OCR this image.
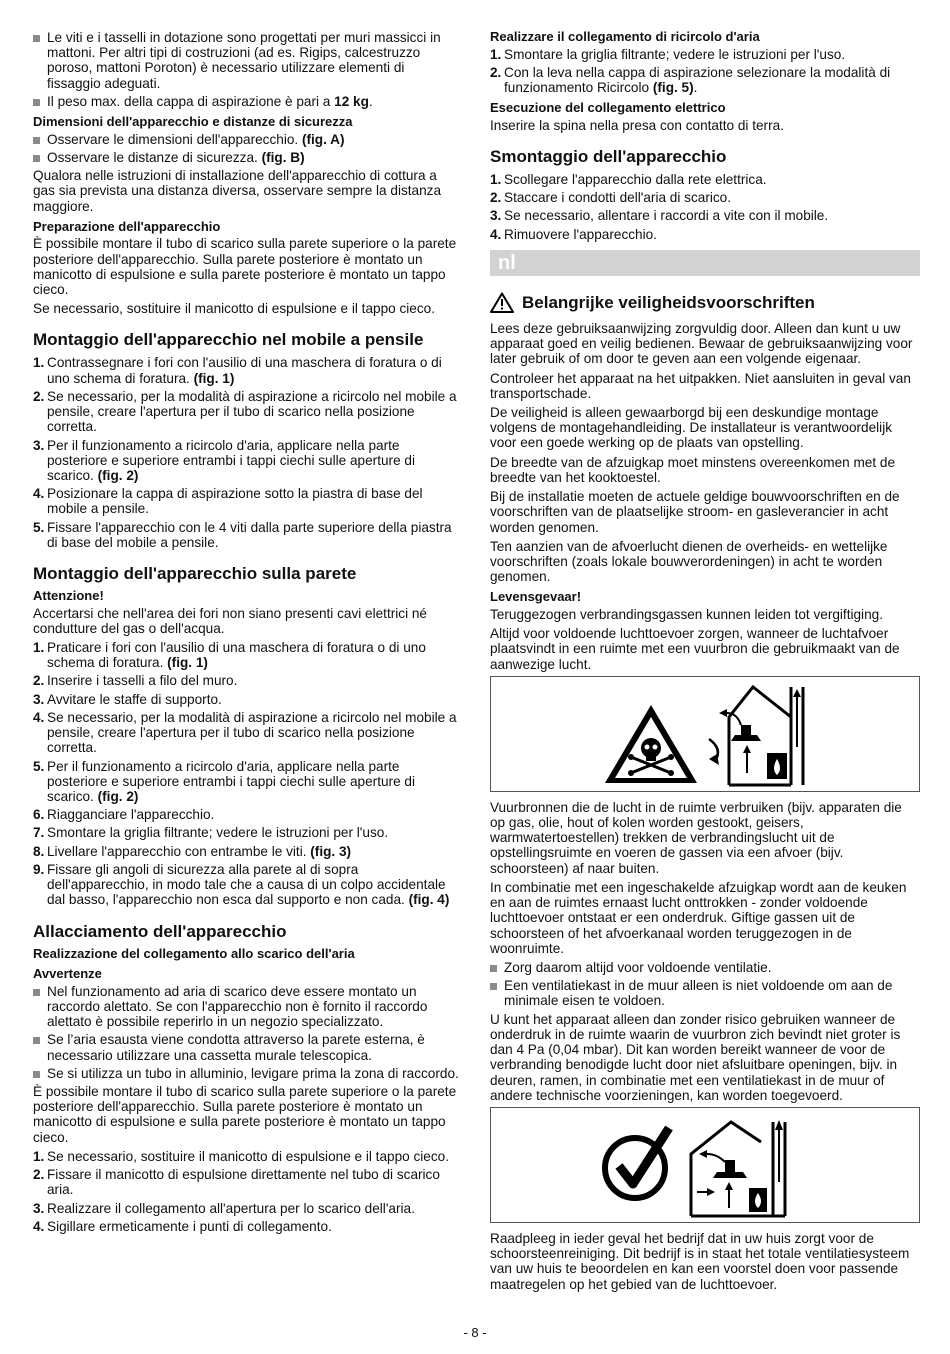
Le viti e i tasselli in dotazione sono progettati per muri massicci in mattoni. Per altri tipi di costruzioni (ad es. Rigips, calcestruzzo poroso, mattoni Poroton) è necessario utilizzare elementi di fissaggio adeguati.
Il peso max. della cappa di aspirazione è pari a 12 kg.
Dimensioni dell'apparecchio e distanze di sicurezza
Osservare le dimensioni dell'apparecchio. (fig. A)
Osservare le distanze di sicurezza. (fig. B)

Qualora nelle istruzioni di installazione dell'apparecchio di cottura a gas sia prevista una distanza diversa, osservare sempre la distanza maggiore.

Preparazione dell'apparecchio

È possibile montare il tubo di scarico sulla parete superiore o la parete posteriore dell'apparecchio. Sulla parete posteriore è montato un manicotto di espulsione e sulla parete posteriore è montato un tappo cieco.

Se necessario, sostituire il manicotto di espulsione e il tappo cieco.

Montaggio dell'apparecchio nel mobile a pensile
1. Contrassegnare i fori con l'ausilio di una maschera di foratura o di uno schema di foratura. (fig. 1)
2. Se necessario, per la modalità di aspirazione a ricircolo nel mobile a pensile, creare l'apertura per il tubo di scarico nella posizione corretta.
3. Per il funzionamento a ricircolo d'aria, applicare nella parte posteriore e superiore entrambi i tappi ciechi sulle aperture di scarico. (fig. 2)
4. Posizionare la cappa di aspirazione sotto la piastra di base del mobile a pensile.
5. Fissare l'apparecchio con le 4 viti dalla parte superiore della piastra di base del mobile a pensile.
Montaggio dell'apparecchio sulla parete
Attenzione!

Accertarsi che nell'area dei fori non siano presenti cavi elettrici né condutture del gas o dell'acqua.

1. Praticare i fori con l'ausilio di una maschera di foratura o di uno schema di foratura. (fig. 1)
2. Inserire i tasselli a filo del muro.
3. Avvitare le staffe di supporto.
4. Se necessario, per la modalità di aspirazione a ricircolo nel mobile a pensile, creare l'apertura per il tubo di scarico nella posizione corretta.
5. Per il funzionamento a ricircolo d'aria, applicare nella parte posteriore e superiore entrambi i tappi ciechi sulle aperture di scarico. (fig. 2)
6. Riagganciare l'apparecchio.
7. Smontare la griglia filtrante; vedere le istruzioni per l'uso.
8. Livellare l'apparecchio con entrambe le viti. (fig. 3)
9. Fissare gli angoli di sicurezza alla parete al di sopra dell'apparecchio, in modo tale che a causa di un colpo accidentale dal basso, l'apparecchio non esca dal supporto e non cada. (fig. 4)
Allacciamento dell'apparecchio
Realizzazione del collegamento allo scarico dell'aria
Avvertenze
Nel funzionamento ad aria di scarico deve essere montato un raccordo alettato. Se con l'apparecchio non è fornito il raccordo alettato è possibile reperirlo in un negozio specializzato.
Se l’aria esausta viene condotta attraverso la parete esterna, è necessario utilizzare una cassetta murale telescopica.
Se si utilizza un tubo in alluminio, levigare prima la zona di raccordo.

È possibile montare il tubo di scarico sulla parete superiore o la parete posteriore dell'apparecchio. Sulla parete posteriore è montato un manicotto di espulsione e sulla parete posteriore è montato un tappo cieco.

1. Se necessario, sostituire il manicotto di espulsione e il tappo cieco.
2. Fissare il manicotto di espulsione direttamente nel tubo di scarico aria.
3. Realizzare il collegamento all'apertura per lo scarico dell'aria.
4. Sigillare ermeticamente i punti di collegamento.
Realizzare il collegamento di ricircolo d'aria
1. Smontare la griglia filtrante; vedere le istruzioni per l'uso.
2. Con la leva nella cappa di aspirazione selezionare la modalità di funzionamento Ricircolo (fig. 5).
Esecuzione del collegamento elettrico

Inserire la spina nella presa con contatto di terra.

Smontaggio dell'apparecchio
1. Scollegare l'apparecchio dalla rete elettrica.
2. Staccare i condotti dell'aria di scarico.
3. Se necessario, allentare i raccordi a vite con il mobile.
4. Rimuovere l'apparecchio.
nl
Belangrijke veiligheidsvoorschriften

Lees deze gebruiksaanwijzing zorgvuldig door. Alleen dan kunt u uw apparaat goed en veilig bedienen. Bewaar de gebruiksaanwijzing voor later gebruik of om door te geven aan een volgende eigenaar.

Controleer het apparaat na het uitpakken. Niet aansluiten in geval van transportschade.

De veiligheid is alleen gewaarborgd bij een deskundige montage volgens de montagehandleiding. De installateur is verantwoordelijk voor een goede werking op de plaats van opstelling.

De breedte van de afzuigkap moet minstens overeenkomen met de breedte van het kooktoestel.

Bij de installatie moeten de actuele geldige bouwvoorschriften en de voorschriften van de plaatselijke stroom- en gasleverancier in acht worden genomen.

Ten aanzien van de afvoerlucht dienen de overheids- en wettelijke voorschriften (zoals lokale bouwverordeningen) in acht te worden genomen.

Levensgevaar!

Teruggezogen verbrandingsgassen kunnen leiden tot vergiftiging.

Altijd voor voldoende luchttoevoer zorgen, wanneer de luchtafvoer plaatsvindt in een ruimte met een vuurbron die gebruikmaakt van de aanwezige lucht.

Vuurbronnen die de lucht in de ruimte verbruiken (bijv. apparaten die op gas, olie, hout of kolen worden gestookt, geisers, warmwatertoestellen) trekken de verbrandingslucht uit de opstellingsruimte en voeren de gassen via een afvoer (bijv. schoorsteen) af naar buiten.

In combinatie met een ingeschakelde afzuigkap wordt aan de keuken en aan de ruimtes ernaast lucht onttrokken - zonder voldoende luchttoevoer ontstaat er een onderdruk. Giftige gassen uit de schoorsteen of het afvoerkanaal worden teruggezogen in de woonruimte.

Zorg daarom altijd voor voldoende ventilatie.
Een ventilatiekast in de muur alleen is niet voldoende om aan de minimale eisen te voldoen.

U kunt het apparaat alleen dan zonder risico gebruiken wanneer de onderdruk in de ruimte waarin de vuurbron zich bevindt niet groter is dan 4 Pa (0,04 mbar). Dit kan worden bereikt wanneer de voor de verbranding benodigde lucht door niet afsluitbare openingen, bijv. in deuren, ramen, in combinatie met een ventilatiekast in de muur of andere technische voorzieningen, kan worden toegevoerd.

Raadpleeg in ieder geval het bedrijf dat in uw huis zorgt voor de schoorsteenreiniging. Dit bedrijf is in staat het totale ventilatiesysteem van uw huis te beoordelen en kan een voorstel doen voor passende maatregelen op het gebied van de luchttoevoer.

- 8 -
